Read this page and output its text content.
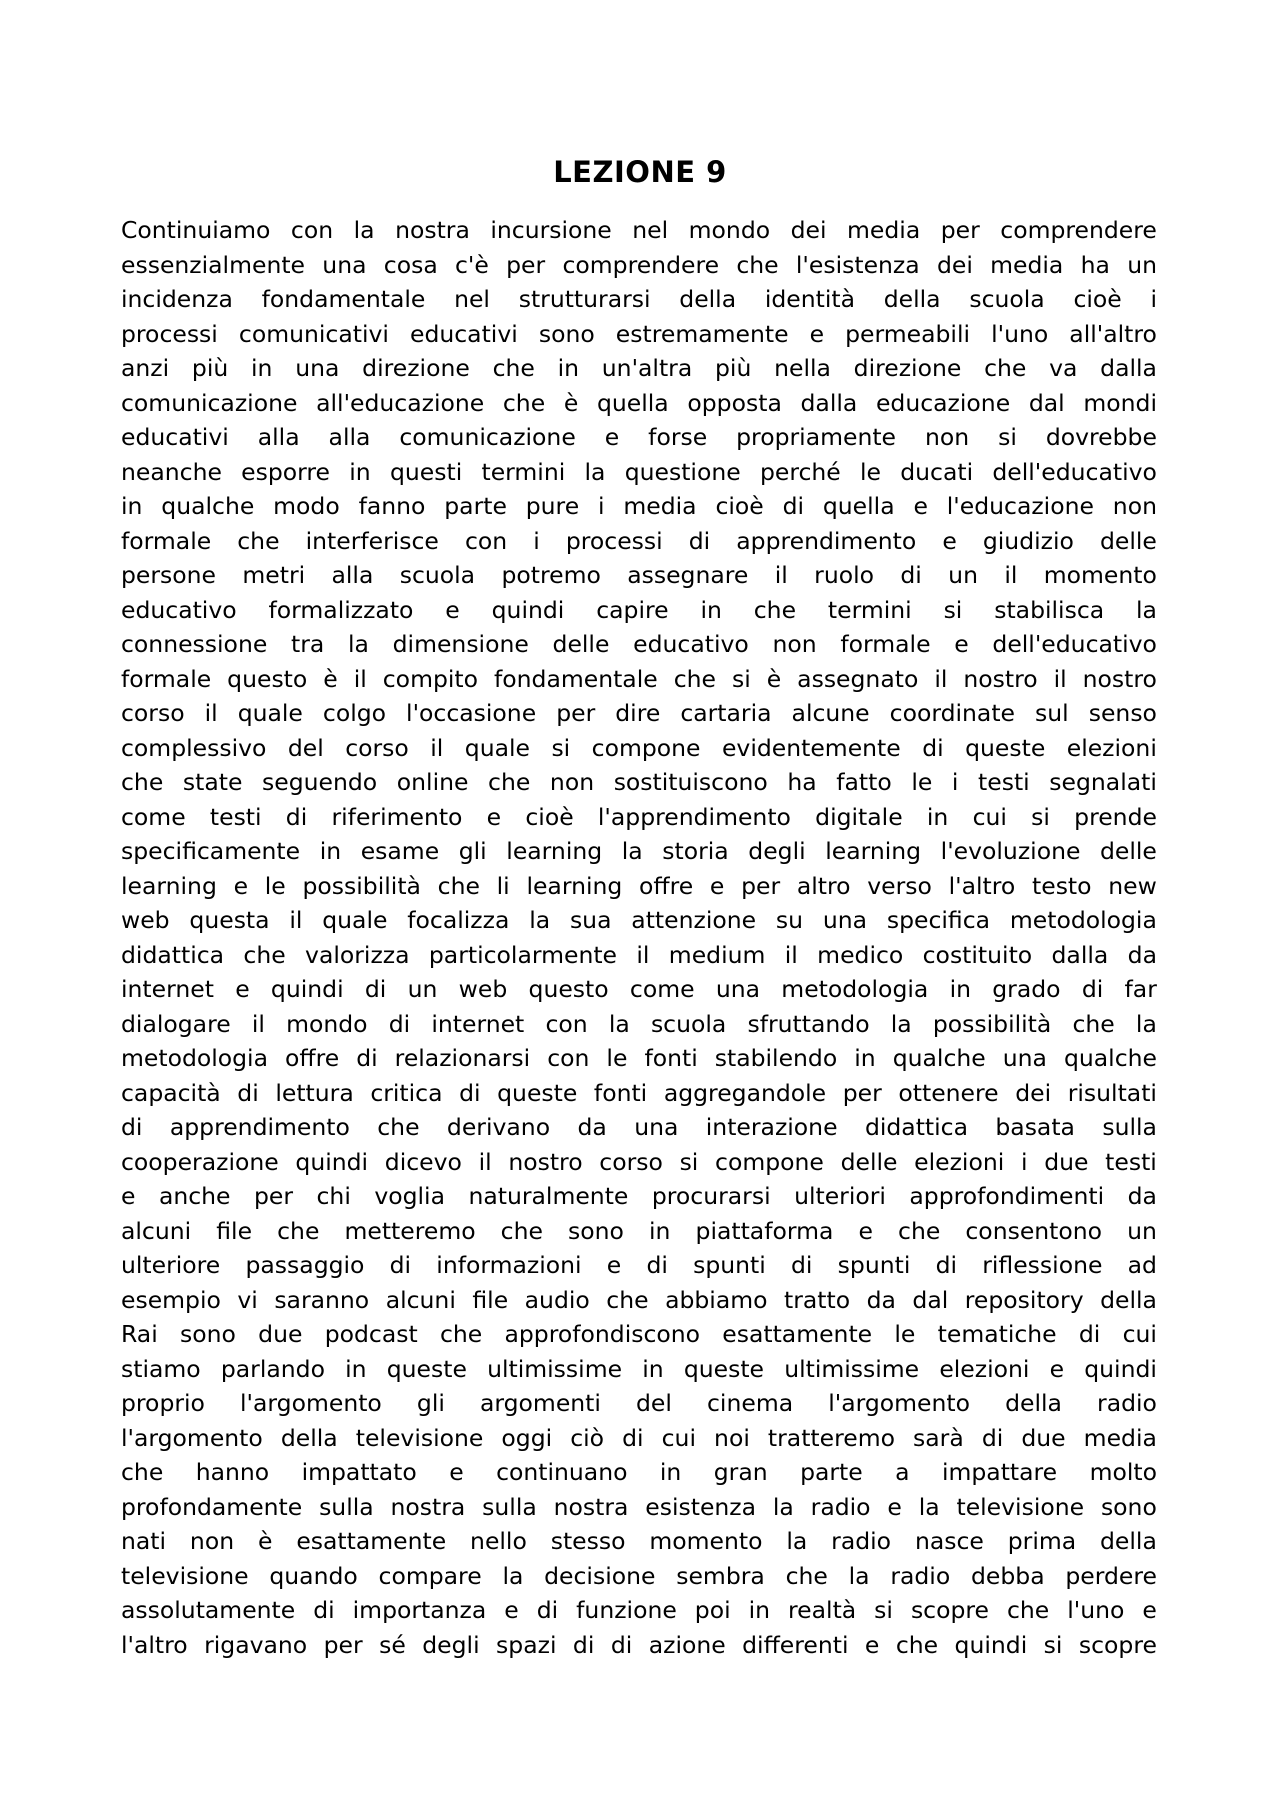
LEZIONE 9
Continuiamo con la nostra incursione nel mondo dei media per comprendere
essenzialmente una cosa c'è per comprendere che l'esistenza dei media ha un
incidenza fondamentale nel strutturarsi della identità della scuola cioè i
processi comunicativi educativi sono estremamente e permeabili l'uno all'altro
anzi più in una direzione che in un'altra più nella direzione che va dalla
comunicazione all'educazione che è quella opposta dalla educazione dal mondi
educativi alla alla comunicazione e forse propriamente non si dovrebbe
neanche esporre in questi termini la questione perché le ducati dell'educativo
in qualche modo fanno parte pure i media cioè di quella e l'educazione non
formale che interferisce con i processi di apprendimento e giudizio delle
persone metri alla scuola potremo assegnare il ruolo di un il momento
educativo formalizzato e quindi capire in che termini si stabilisca la
connessione tra la dimensione delle educativo non formale e dell'educativo
formale questo è il compito fondamentale che si è assegnato il nostro il nostro
corso il quale colgo l'occasione per dire cartaria alcune coordinate sul senso
complessivo del corso il quale si compone evidentemente di queste elezioni
che state seguendo online che non sostituiscono ha fatto le i testi segnalati
come testi di riferimento e cioè l'apprendimento digitale in cui si prende
specificamente in esame gli learning la storia degli learning l'evoluzione delle
learning e le possibilità che li learning offre e per altro verso l'altro testo new
web questa il quale focalizza la sua attenzione su una specifica metodologia
didattica che valorizza particolarmente il medium il medico costituito dalla da
internet e quindi di un web questo come una metodologia in grado di far
dialogare il mondo di internet con la scuola sfruttando la possibilità che la
metodologia offre di relazionarsi con le fonti stabilendo in qualche una qualche
capacità di lettura critica di queste fonti aggregandole per ottenere dei risultati
di apprendimento che derivano da una interazione didattica basata sulla
cooperazione quindi dicevo il nostro corso si compone delle elezioni i due testi
e anche per chi voglia naturalmente procurarsi ulteriori approfondimenti da
alcuni file che metteremo che sono in piattaforma e che consentono un
ulteriore passaggio di informazioni e di spunti di spunti di riflessione ad
esempio vi saranno alcuni file audio che abbiamo tratto da dal repository della
Rai sono due podcast che approfondiscono esattamente le tematiche di cui
stiamo parlando in queste ultimissime in queste ultimissime elezioni e quindi
proprio l'argomento gli argomenti del cinema l'argomento della radio
l'argomento della televisione oggi ciò di cui noi tratteremo sarà di due media
che hanno impattato e continuano in gran parte a impattare molto
profondamente sulla nostra sulla nostra esistenza la radio e la televisione sono
nati non è esattamente nello stesso momento la radio nasce prima della
televisione quando compare la decisione sembra che la radio debba perdere
assolutamente di importanza e di funzione poi in realtà si scopre che l'uno e
l'altro rigavano per sé degli spazi di di azione differenti e che quindi si scopre
